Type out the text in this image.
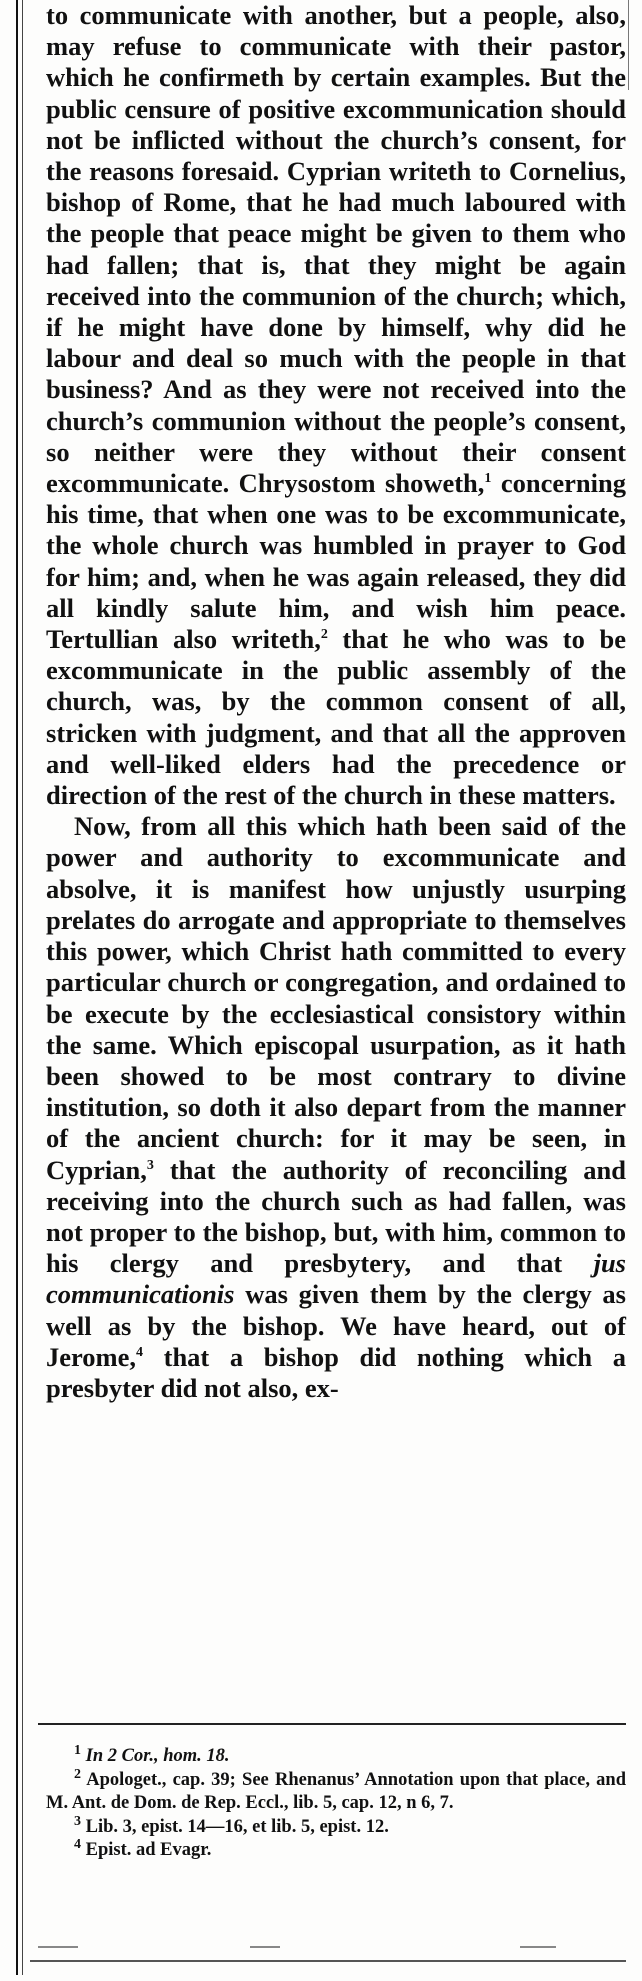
to communicate with another, but a people, also, may refuse to communicate with their pastor, which he confirmeth by certain examples. But the public censure of positive excommunication should not be inflicted without the church’s consent, for the reasons foresaid. Cyprian writeth to Cornelius, bishop of Rome, that he had much laboured with the people that peace might be given to them who had fallen; that is, that they might be again received into the communion of the church; which, if he might have done by himself, why did he labour and deal so much with the people in that business? And as they were not received into the church’s communion without the people’s consent, so neither were they without their consent excommunicate. Chrysostom showeth,$^1$ concerning his time, that when one was to be excommunicate, the whole church was humbled in prayer to God for him; and, when he was again released, they did all kindly salute him, and wish him peace. Tertullian also writeth,$^2$ that he who was to be excommunicate in the public assembly of the church, was, by the common consent of all, stricken with judgment, and that all the approven and well-liked elders had the precedence or direction of the rest of the church in these matters.

Now, from all this which hath been said of the power and authority to excommunicate and absolve, it is manifest how unjustly usurping prelates do arrogate and appropriate to themselves this power, which Christ hath committed to every particular church or congregation, and ordained to be execute by the ecclesiastical consistory within the same. Which episcopal usurpation, as it hath been showed to be most contrary to divine institution, so doth it also depart from the manner of the ancient church: for it may be seen, in Cyprian,$^3$ that the authority of reconciling and receiving into the church such as had fallen, was not proper to the bishop, but, with him, common to his clergy and presbytery, and that jus communicationis was given them by the clergy as well as by the bishop. We have heard, out of Jerome,$^4$ that a bishop did nothing which a presbyter did not also, ex-

$^1$ In 2 Cor., hom. 18.

$^2$ Apologet., cap. 39; See Rhenanus’ Annotation upon that place, and M. Ant. de Dom. de Rep. Eccl., lib. 5, cap. 12, n 6, 7.

$^3$ Lib. 3, epist. 14—16, et lib. 5, epist. 12.

$^4$ Epist. ad Evagr.
